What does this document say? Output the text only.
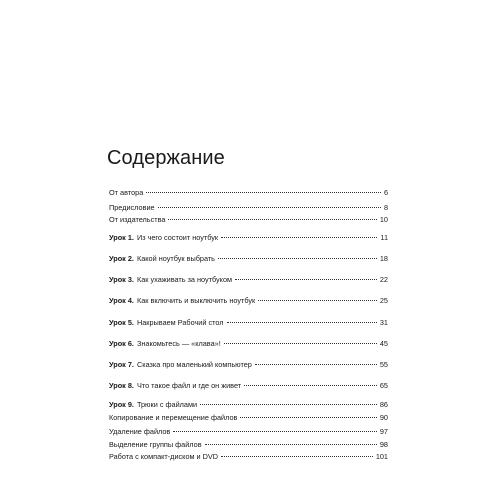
Содержание
От автора	6
Предисловие	8
От издательства	10
Урок 1. Из чего состоит ноутбук	11
Урок 2. Какой ноутбук выбрать	18
Урок 3. Как ухаживать за ноутбуком	22
Урок 4. Как включить и выключить ноутбук	25
Урок 5. Накрываем Рабочий стол	31
Урок 6. Знакомьтесь — «клава»!	45
Урок 7. Сказка про маленький компьютер	55
Урок 8. Что такое файл и где он живет	65
Урок 9. Трюки с файлами	86
Копирование и перемещение файлов	90
Удаление файлов	97
Выделение группы файлов	98
Работа с компакт-диском и DVD	101
